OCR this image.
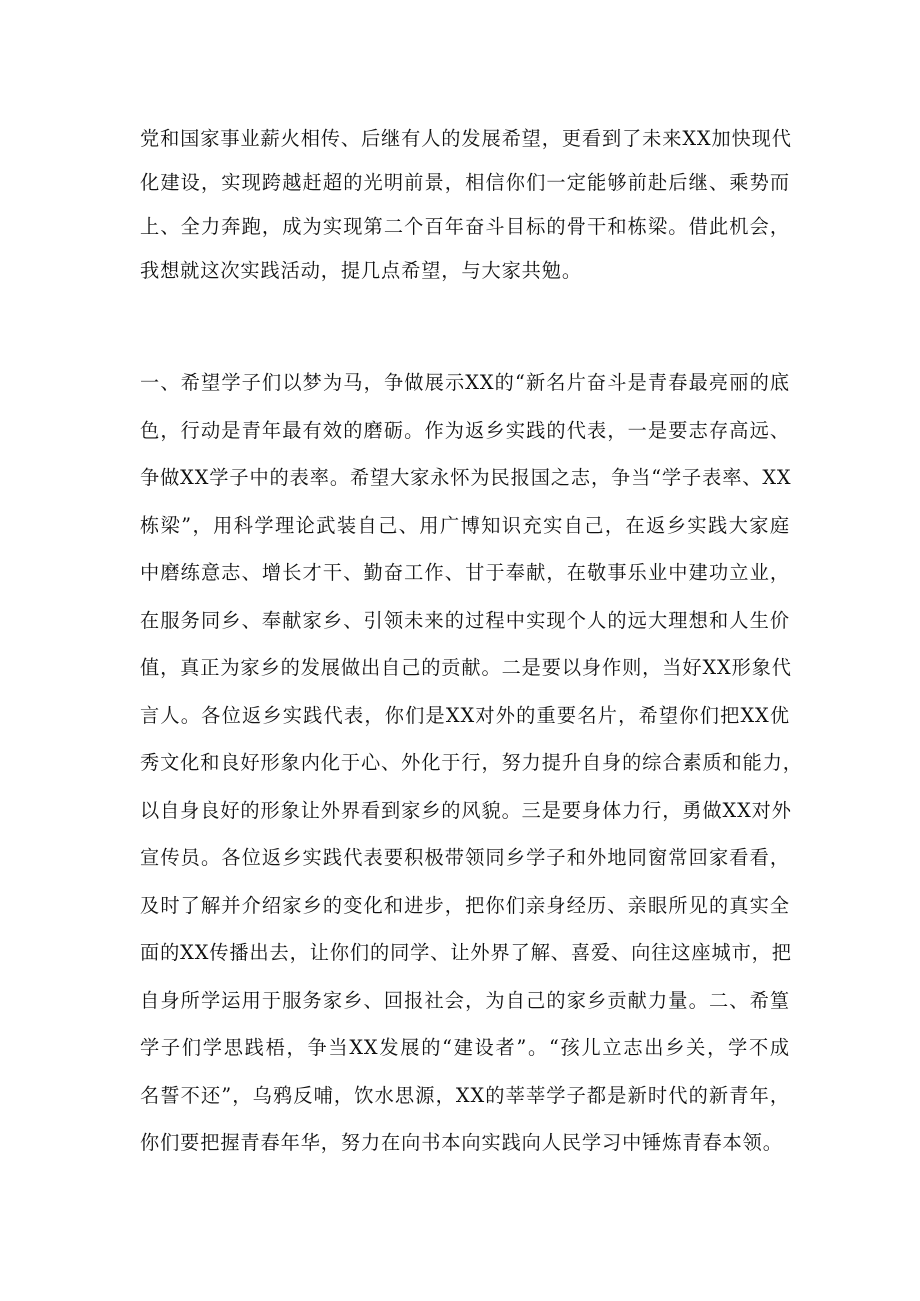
党和国家事业薪火相传、后继有人的发展希望，更看到了未来XX加快现代
化建设，实现跨越赶超的光明前景，相信你们一定能够前赴后继、乘势而
上、全力奔跑，成为实现第二个百年奋斗目标的骨干和栋梁。借此机会，
我想就这次实践活动，提几点希望，与大家共勉。
一、希望学子们以梦为马，争做展示XX的“新名片奋斗是青春最亮丽的底
色，行动是青年最有效的磨砺。作为返乡实践的代表，一是要志存高远、
争做XX学子中的表率。希望大家永怀为民报国之志，争当“学子表率、XX
栋梁”，用科学理论武装自己、用广博知识充实自己，在返乡实践大家庭
中磨练意志、增长才干、勤奋工作、甘于奉献，在敬事乐业中建功立业，
在服务同乡、奉献家乡、引领未来的过程中实现个人的远大理想和人生价
值，真正为家乡的发展做出自己的贡献。二是要以身作则，当好XX形象代
言人。各位返乡实践代表，你们是XX对外的重要名片，希望你们把XX优
秀文化和良好形象内化于心、外化于行，努力提升自身的综合素质和能力，
以自身良好的形象让外界看到家乡的风貌。三是要身体力行，勇做XX对外
宣传员。各位返乡实践代表要积极带领同乡学子和外地同窗常回家看看，
及时了解并介绍家乡的变化和进步，把你们亲身经历、亲眼所见的真实全
面的XX传播出去，让你们的同学、让外界了解、喜爱、向往这座城市，把
自身所学运用于服务家乡、回报社会，为自己的家乡贡献力量。二、希篁
学子们学思践梧，争当XX发展的“建设者”。“孩儿立志出乡关，学不成
名誓不还”，乌鸦反哺，饮水思源，XX的莘莘学子都是新时代的新青年，
你们要把握青春年华，努力在向书本向实践向人民学习中锤炼青春本领。
